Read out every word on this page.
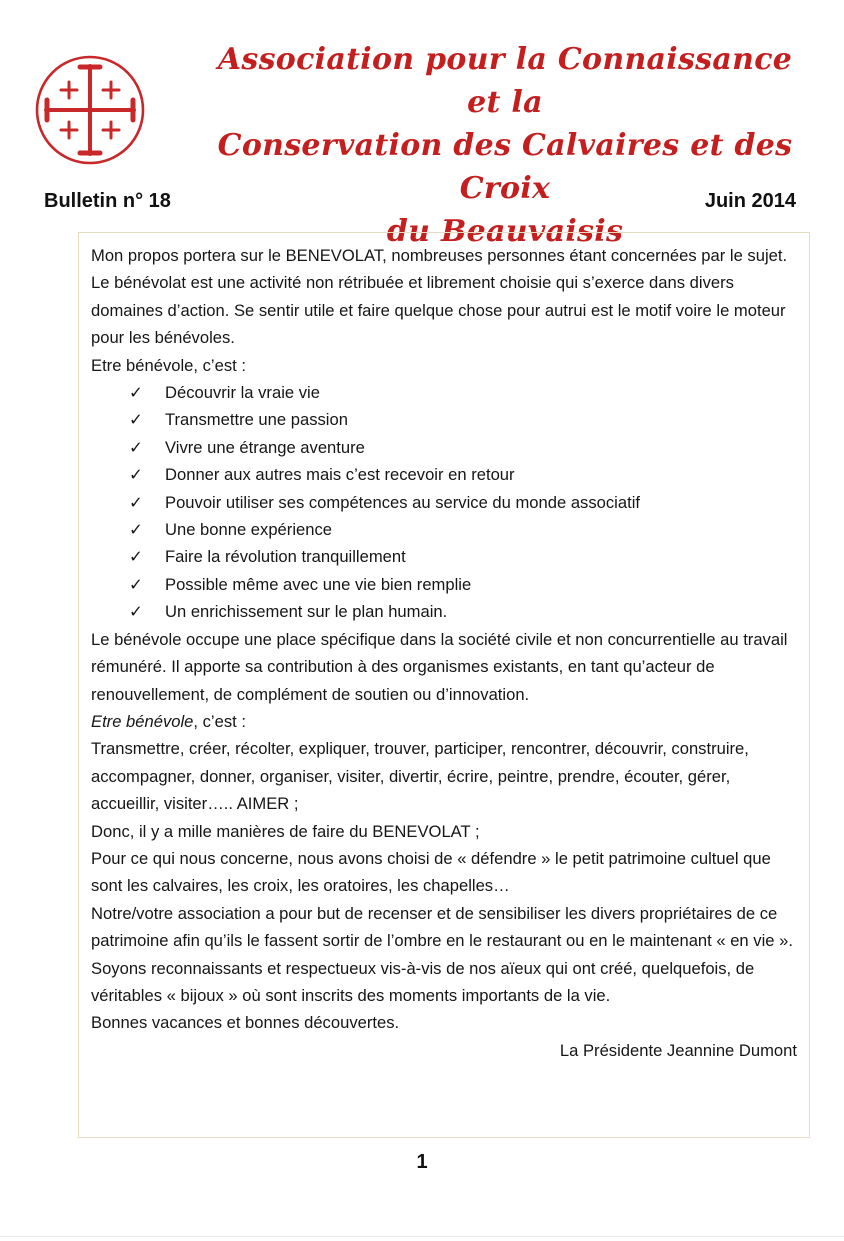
Association pour la Connaissance et la
Conservation des Calvaires et des Croix
du Beauvaisis
Bulletin n° 18	Juin 2014

Mon propos portera sur le BENEVOLAT, nombreuses personnes étant concernées par le sujet. Le bénévolat est une activité non rétribuée et librement choisie qui s’exerce dans divers domaines d’action. Se sentir utile et faire quelque chose pour autrui est le motif voire le moteur pour les bénévoles.

Etre bénévole, c’est :

✓	Découvrir la vraie vie
✓	Transmettre une passion
✓	Vivre une étrange aventure
✓	Donner aux autres mais c’est recevoir en retour
✓	Pouvoir utiliser ses compétences au service du monde associatif
✓	Une bonne expérience
✓	Faire la révolution tranquillement
✓	Possible même avec une vie bien remplie
✓	Un enrichissement sur le plan humain.

Le bénévole occupe une place spécifique dans la société civile et non concurrentielle au travail rémunéré. Il apporte sa contribution à des organismes existants, en tant qu’acteur de renouvellement, de complément de soutien ou d’innovation.

Etre bénévole, c’est :

Transmettre, créer, récolter, expliquer, trouver, participer, rencontrer, découvrir, construire, accompagner, donner, organiser, visiter, divertir, écrire, peintre, prendre, écouter, gérer, accueillir, visiter….. AIMER ;

Donc, il y a mille manières de faire du BENEVOLAT ;

Pour ce qui nous concerne, nous avons choisi de « défendre » le petit patrimoine cultuel que sont les calvaires, les croix, les oratoires, les chapelles…

Notre/votre association a pour but de recenser et de sensibiliser les divers propriétaires de ce patrimoine afin qu’ils le fassent sortir de l’ombre en le restaurant ou en le maintenant « en vie ».

Soyons reconnaissants et respectueux vis-à-vis de nos aïeux qui ont créé, quelquefois, de véritables « bijoux » où sont inscrits des moments importants de la vie.

Bonnes vacances et bonnes découvertes.

La Présidente Jeannine Dumont

1
